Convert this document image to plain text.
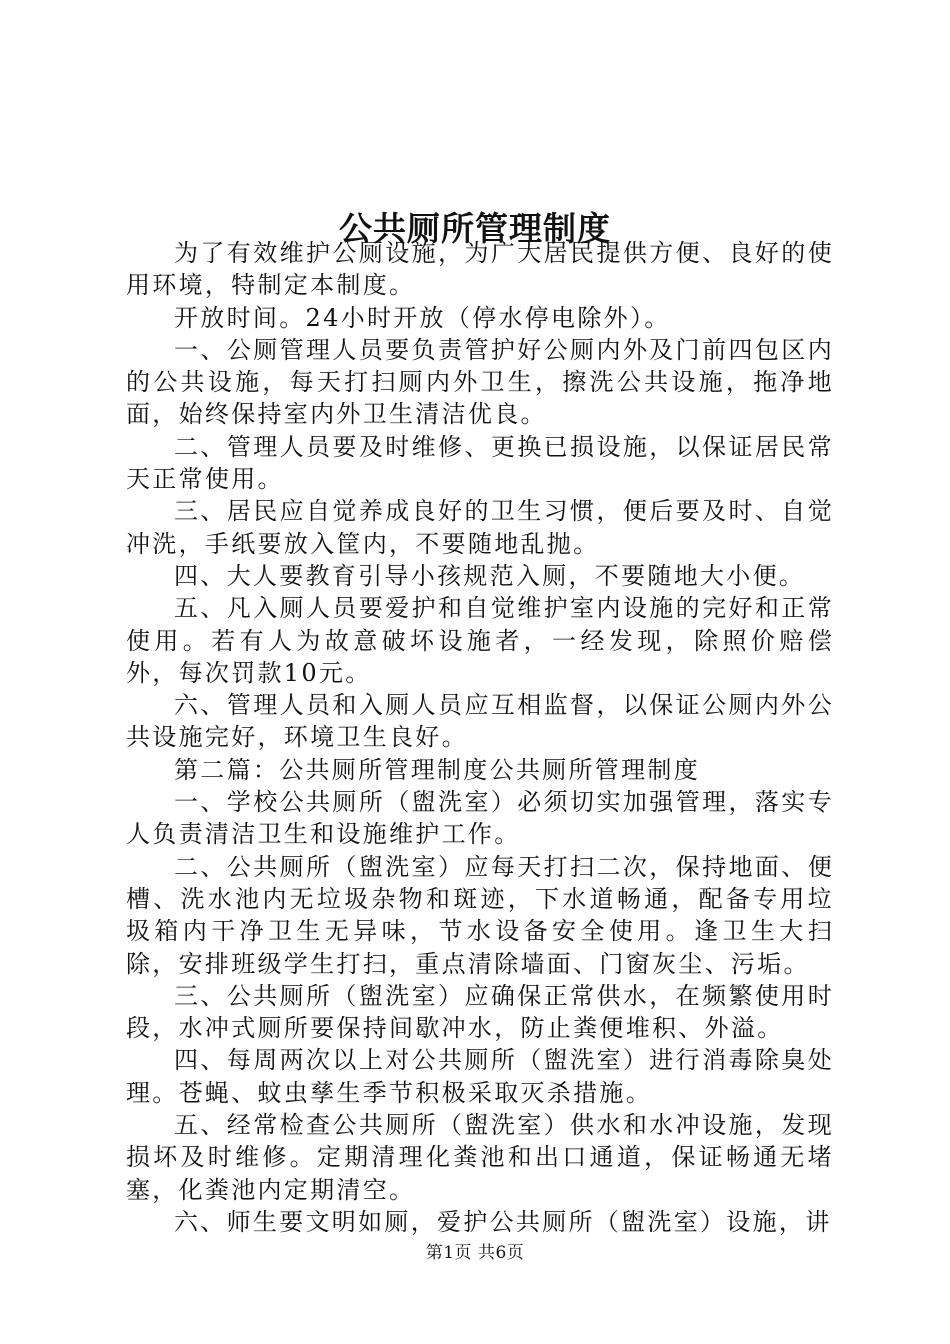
公共厕所管理制度

为了有效维护公厕设施，为广大居民提供方便、良好的使用环境，特制定本制度。

开放时间。24小时开放（停水停电除外）。

一、公厕管理人员要负责管护好公厕内外及门前四包区内的公共设施，每天打扫厕内外卫生，擦洗公共设施，拖净地面，始终保持室内外卫生清洁优良。

二、管理人员要及时维修、更换已损设施，以保证居民常天正常使用。

三、居民应自觉养成良好的卫生习惯，便后要及时、自觉冲洗，手纸要放入筐内，不要随地乱抛。

四、大人要教育引导小孩规范入厕，不要随地大小便。

五、凡入厕人员要爱护和自觉维护室内设施的完好和正常使用。若有人为故意破坏设施者，一经发现，除照价赔偿外，每次罚款10元。

六、管理人员和入厕人员应互相监督，以保证公厕内外公共设施完好，环境卫生良好。

第二篇：公共厕所管理制度公共厕所管理制度

一、学校公共厕所（盥洗室）必须切实加强管理，落实专人负责清洁卫生和设施维护工作。

二、公共厕所（盥洗室）应每天打扫二次，保持地面、便槽、洗水池内无垃圾杂物和斑迹，下水道畅通，配备专用垃圾箱内干净卫生无异味，节水设备安全使用。逢卫生大扫除，安排班级学生打扫，重点清除墙面、门窗灰尘、污垢。

三、公共厕所（盥洗室）应确保正常供水，在频繁使用时段，水冲式厕所要保持间歇冲水，防止粪便堆积、外溢。

四、每周两次以上对公共厕所（盥洗室）进行消毒除臭处理。苍蝇、蚊虫孳生季节积极采取灭杀措施。

五、经常检查公共厕所（盥洗室）供水和水冲设施，发现损坏及时维修。定期清理化粪池和出口通道，保证畅通无堵塞，化粪池内定期清空。

六、师生要文明如厕，爱护公共厕所（盥洗室）设施，讲

第1页 共6页
